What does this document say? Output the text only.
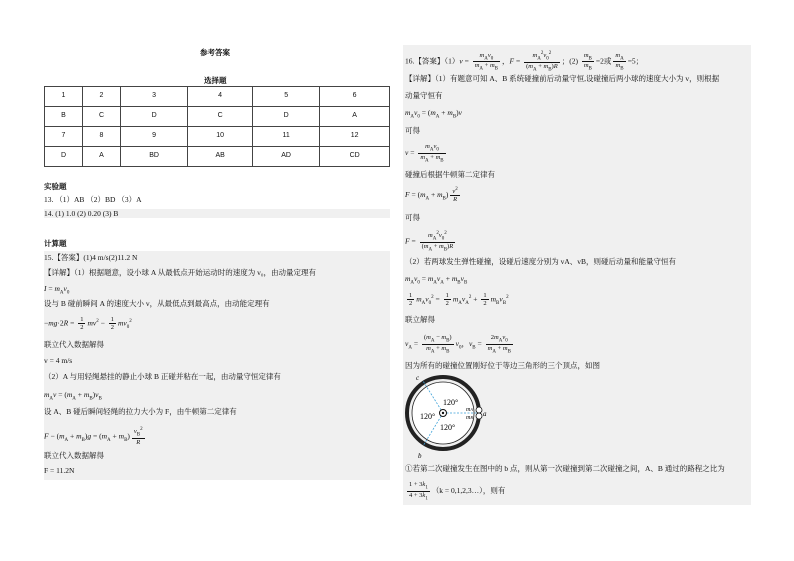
参考答案
选择题
1	2	3	4	5	6
B	C	D	C	D	A
7	8	9	10	11	12
D	A	BD	AB	AD	CD
实验题
13. （1）AB （2）BD （3）A
14. (1) 1.0 (2) 0.20 (3) B
计算题
15.【答案】(1)4 m/s(2)11.2 N
【详解】（1）根据题意，设小球 A 从最低点开始运动时的速度为 v₀，由动量定理有
$I = m_Av_0$
设与 B 碰前瞬间 A 的速度大小 v，从最低点到最高点，由动能定理有
$-mg\cdot 2R = \frac{1}{2} mv^2 - \frac{1}{2} mv_0^2$
联立代入数据解得
v = 4 m/s
（2）A 与用轻绳悬挂的静止小球 B 正碰并粘在一起，由动量守恒定律有
$m_Av = (m_A + m_B)v_B$
设 A、B 碰后瞬间轻绳的拉力大小为 F，由牛顿第二定律有
$F - (m_A + m_B)g = (m_A + m_B) \frac{v_B^2}{R}$
联立代入数据解得
F = 11.2N
16.【答案】$(1)v = \frac{m_Av_0}{m_A + m_B}$ ，$F = \frac{m_A^2v_0^2}{(m_A + m_B)R}$ ；$(2) \frac{m_B}{m_B} =2$或 $\frac{m_A}{m_B} =5$；
【详解】（1）有题意可知 A、B 系统碰撞前后动量守恒,设碰撞后两小球的速度大小为 v，则根据
动量守恒有
$m_Av_0 = (m_A + m_B)v$
可得
$v = \frac{m_Av_0}{m_A + m_B}$
碰撞后根据牛顿第二定律有
$F = (m_A + m_B) \frac{v^2}{R}$
可得
$F = \frac{m_A^2v_0^2}{(m_A + m_B)R}$
（2）若两球发生弹性碰撞，设碰后速度分别为 vA、vB，则碰后动量和能量守恒有
$m_Av_0 = m_Av_A + m_Bv_B$
$\frac{1}{2} m_Av_0^2 = \frac{1}{2} m_Av_A^2 + \frac{1}{2} m_Bv_B^2$
联立解得
$v_A = \frac{(m_A - m_B)}{m_A + m_B} v_0$，$v_B = \frac{2m_Av_0}{m_A + m_B}$
因为所有的碰撞位置刚好位于等边三角形的三个顶点，如图
c
a
b
120°
120°
120°
mA
mB
①若第二次碰撞发生在图中的 b 点，则从第一次碰撞到第二次碰撞之间，A、B 通过的路程之比为
$\frac{1 + 3k_1}{4 + 3k_1} (k$ = 0,1,2,3…），则有
